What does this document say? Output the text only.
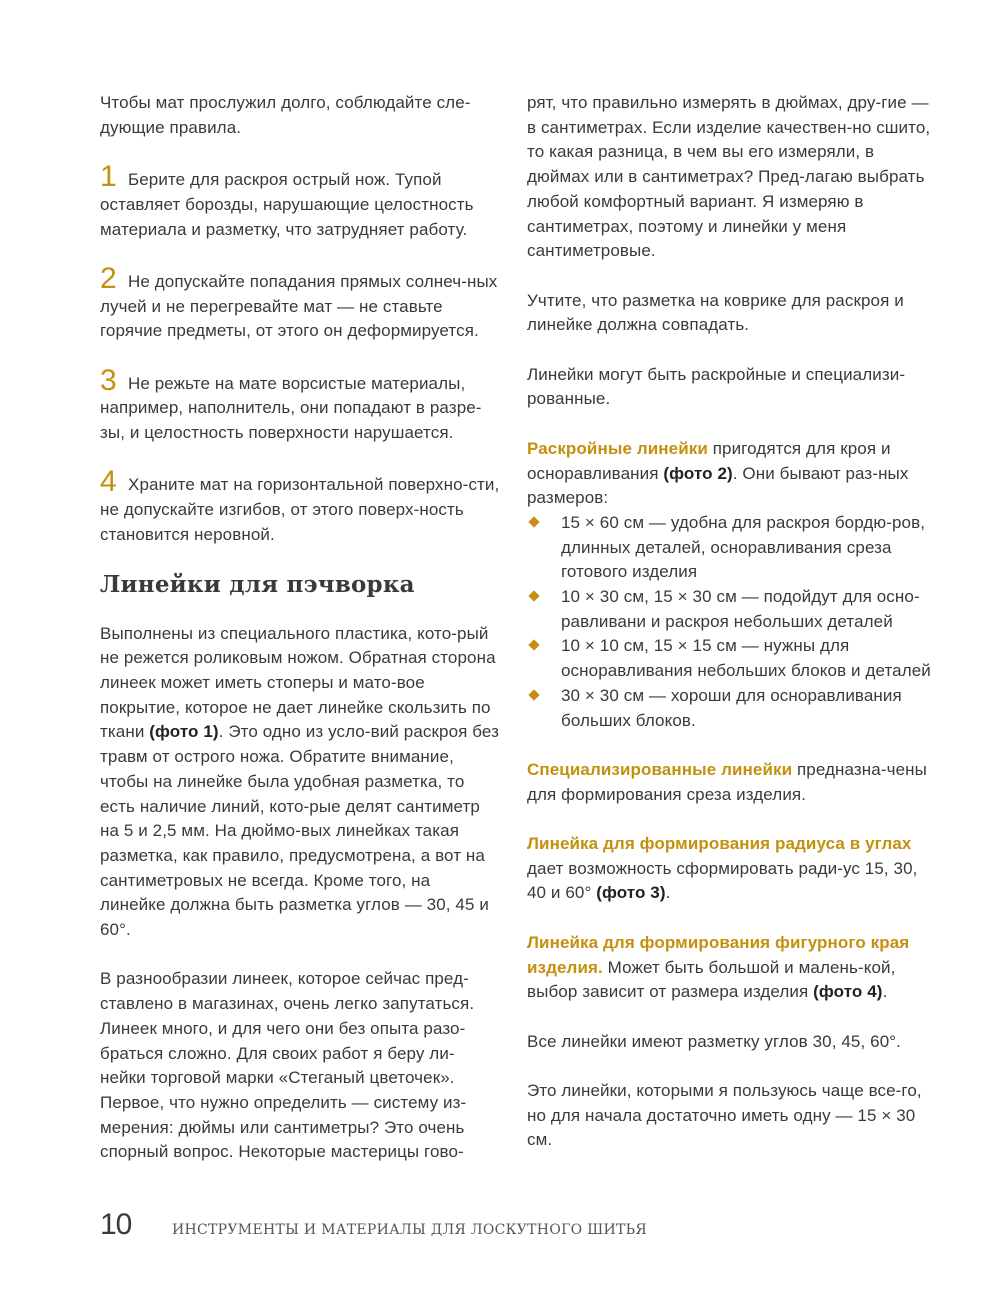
Чтобы мат прослужил долго, соблюдайте сле-дующие правила.

1 Берите для раскроя острый нож. Тупой оставляет борозды, нарушающие целостность материала и разметку, что затрудняет работу.

2 Не допускайте попадания прямых солнеч-ных лучей и не перегревайте мат — не ставьте горячие предметы, от этого он деформируется.

3 Не режьте на мате ворсистые материалы, например, наполнитель, они попадают в разре-зы, и целостность поверхности нарушается.

4 Храните мат на горизонтальной поверхно-сти, не допускайте изгибов, от этого поверх-ность становится неровной.

Линейки для пэчворка

Выполнены из специального пластика, кото-рый не режется роликовым ножом. Обратная сторона линеек может иметь стоперы и мато-вое покрытие, которое не дает линейке скользить по ткани (фото 1). Это одно из усло-вий раскроя без травм от острого ножа. Обратите внимание, чтобы на линейке была удобная разметка, то есть наличие линий, кото-рые делят сантиметр на 5 и 2,5 мм. На дюймо-вых линейках такая разметка, как правило, предусмотрена, а вот на сантиметровых не всегда. Кроме того, на линейке должна быть разметка углов — 30, 45 и 60°.

В разнообразии линеек, которое сейчас пред-ставлено в магазинах, очень легко запутаться. Линеек много, и для чего они без опыта разо-браться сложно. Для своих работ я беру ли-нейки торговой марки «Стеганый цветочек». Первое, что нужно определить — систему из-мерения: дюймы или сантиметры? Это очень спорный вопрос. Некоторые мастерицы гово-

рят, что правильно измерять в дюймах, дру-гие — в сантиметрах. Если изделие качествен-но сшито, то какая разница, в чем вы его измеряли, в дюймах или в сантиметрах? Пред-лагаю выбрать любой комфортный вариант. Я измеряю в сантиметрах, поэтому и линейки у меня сантиметровые.

Учтите, что разметка на коврике для раскроя и линейке должна совпадать.

Линейки могут быть раскройные и специализи-рованные.

Раскройные линейки пригодятся для кроя и осноравливания (фото 2). Они бывают раз-ных размеров:

15 × 60 см — удобна для раскроя бордю-ров, длинных деталей, осноравливания среза готового изделия
10 × 30 см, 15 × 30 см — подойдут для осно-равливани и раскроя небольших деталей
10 × 10 см, 15 × 15 см — нужны для осноравливания небольших блоков и деталей
30 × 30 см — хороши для осноравливания больших блоков.

Специализированные линейки предназна-чены для формирования среза изделия.

Линейка для формирования радиуса в углах дает возможность сформировать ради-ус 15, 30, 40 и 60° (фото 3).

Линейка для формирования фигурного края изделия. Может быть большой и малень-кой, выбор зависит от размера изделия (фото 4).

Все линейки имеют разметку углов 30, 45, 60°.

Это линейки, которыми я пользуюсь чаще все-го, но для начала достаточно иметь одну — 15 × 30 см.

10	ИНСТРУМЕНТЫ И МАТЕРИАЛЫ ДЛЯ ЛОСКУТНОГО ШИТЬЯ
